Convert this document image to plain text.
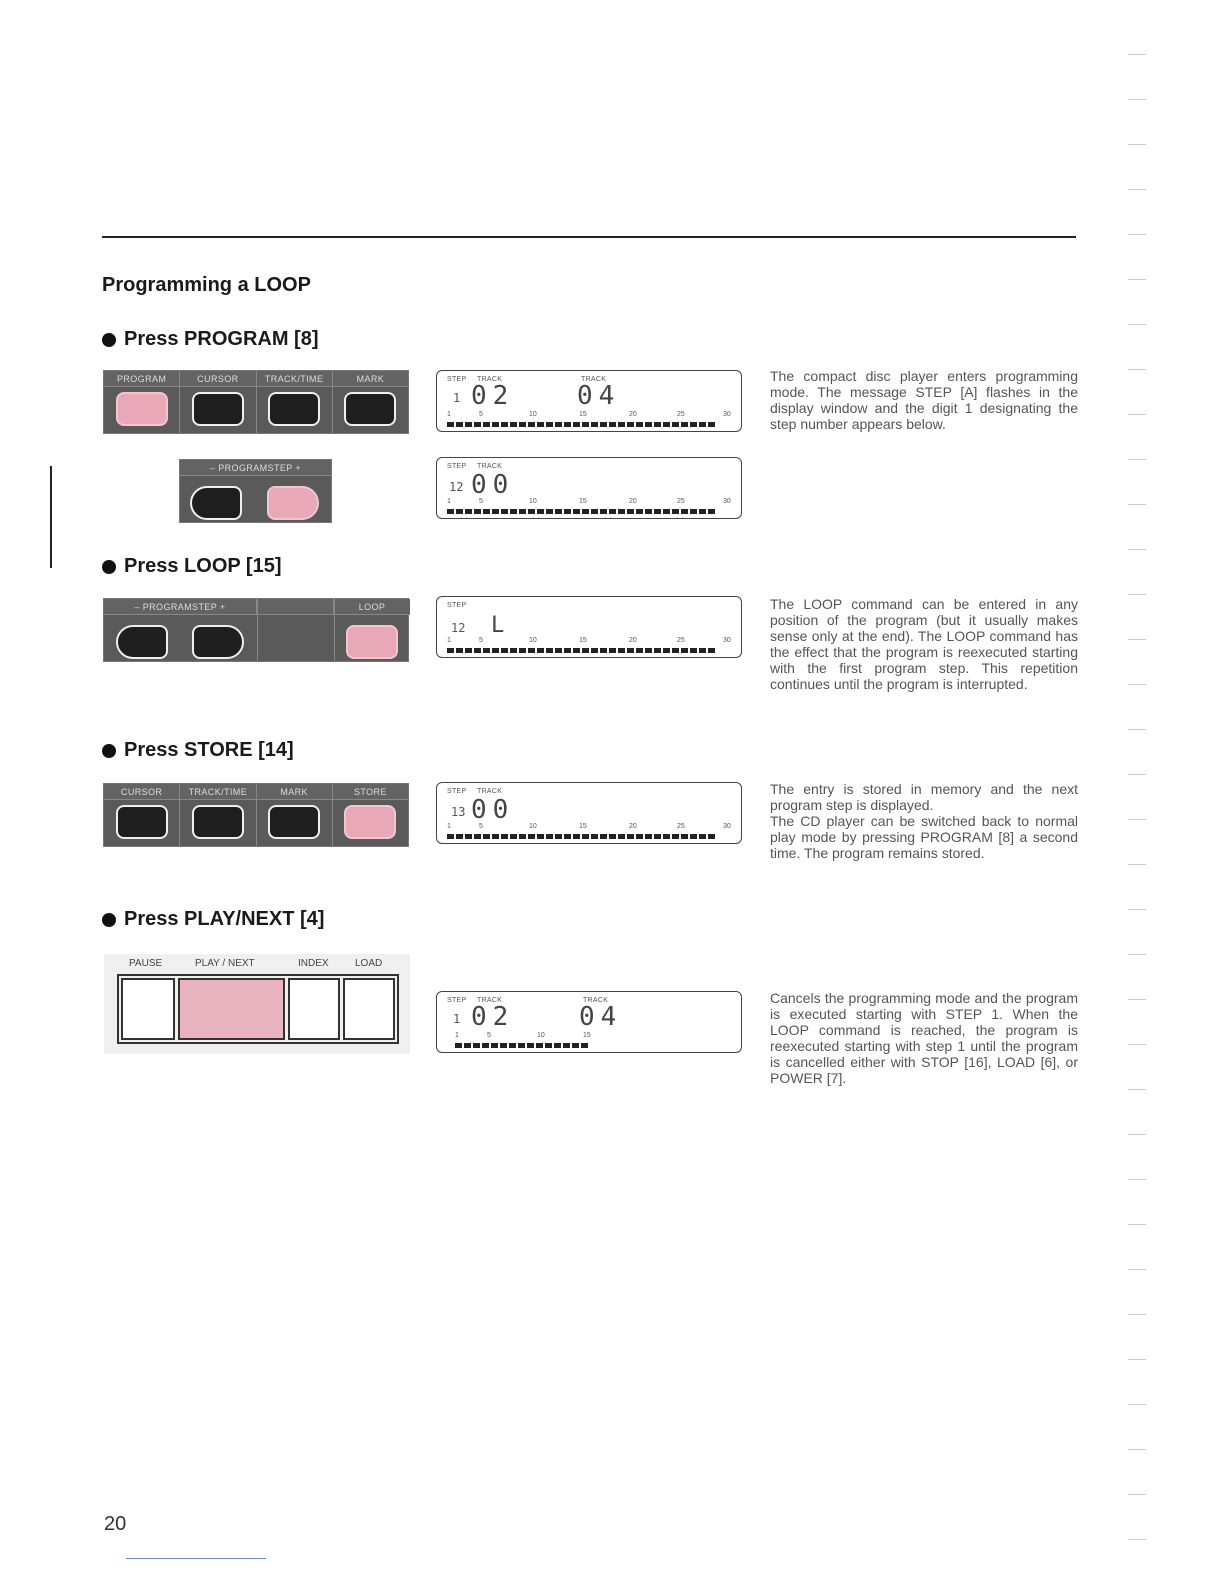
Programming a LOOP
Press PROGRAM [8]
PROGRAM	CURSOR	TRACK/TIME	MARK
– PROGRAMSTEP +
STEP TRACK	TRACK
1 02 04
1	5	10	15	20	25	30
STEP TRACK
12 00
1	5	10	15	20	25	30

The compact disc player enters programming mode. The message STEP [A] flashes in the display window and the digit 1 designating the step number appears below.

Press LOOP [15]
– PROGRAMSTEP +	LOOP	STEP
12 L
1	5	10	15	20	25	30

The LOOP command can be entered in any position of the program (but it usually makes sense only at the end). The LOOP command has the effect that the program is reexecuted starting with the first program step. This repetition continues until the program is interrupted.

Press STORE [14]
CURSOR	TRACK/TIME	MARK	STORE	STEP TRACK
13 00
1	5	10	15	20	25	30

The entry is stored in memory and the next program step is displayed.

The CD player can be switched back to normal play mode by pressing PROGRAM [8] a second time. The program remains stored.

Press PLAY/NEXT [4]
PAUSE	PLAY / NEXT	INDEX	LOAD
STEP TRACK	TRACK
1 02 04
1	5	10	15

Cancels the programming mode and the program is executed starting with STEP 1. When the LOOP command is reached, the program is reexecuted starting with step 1 until the program is cancelled either with STOP [16], LOAD [6], or POWER [7].

20
